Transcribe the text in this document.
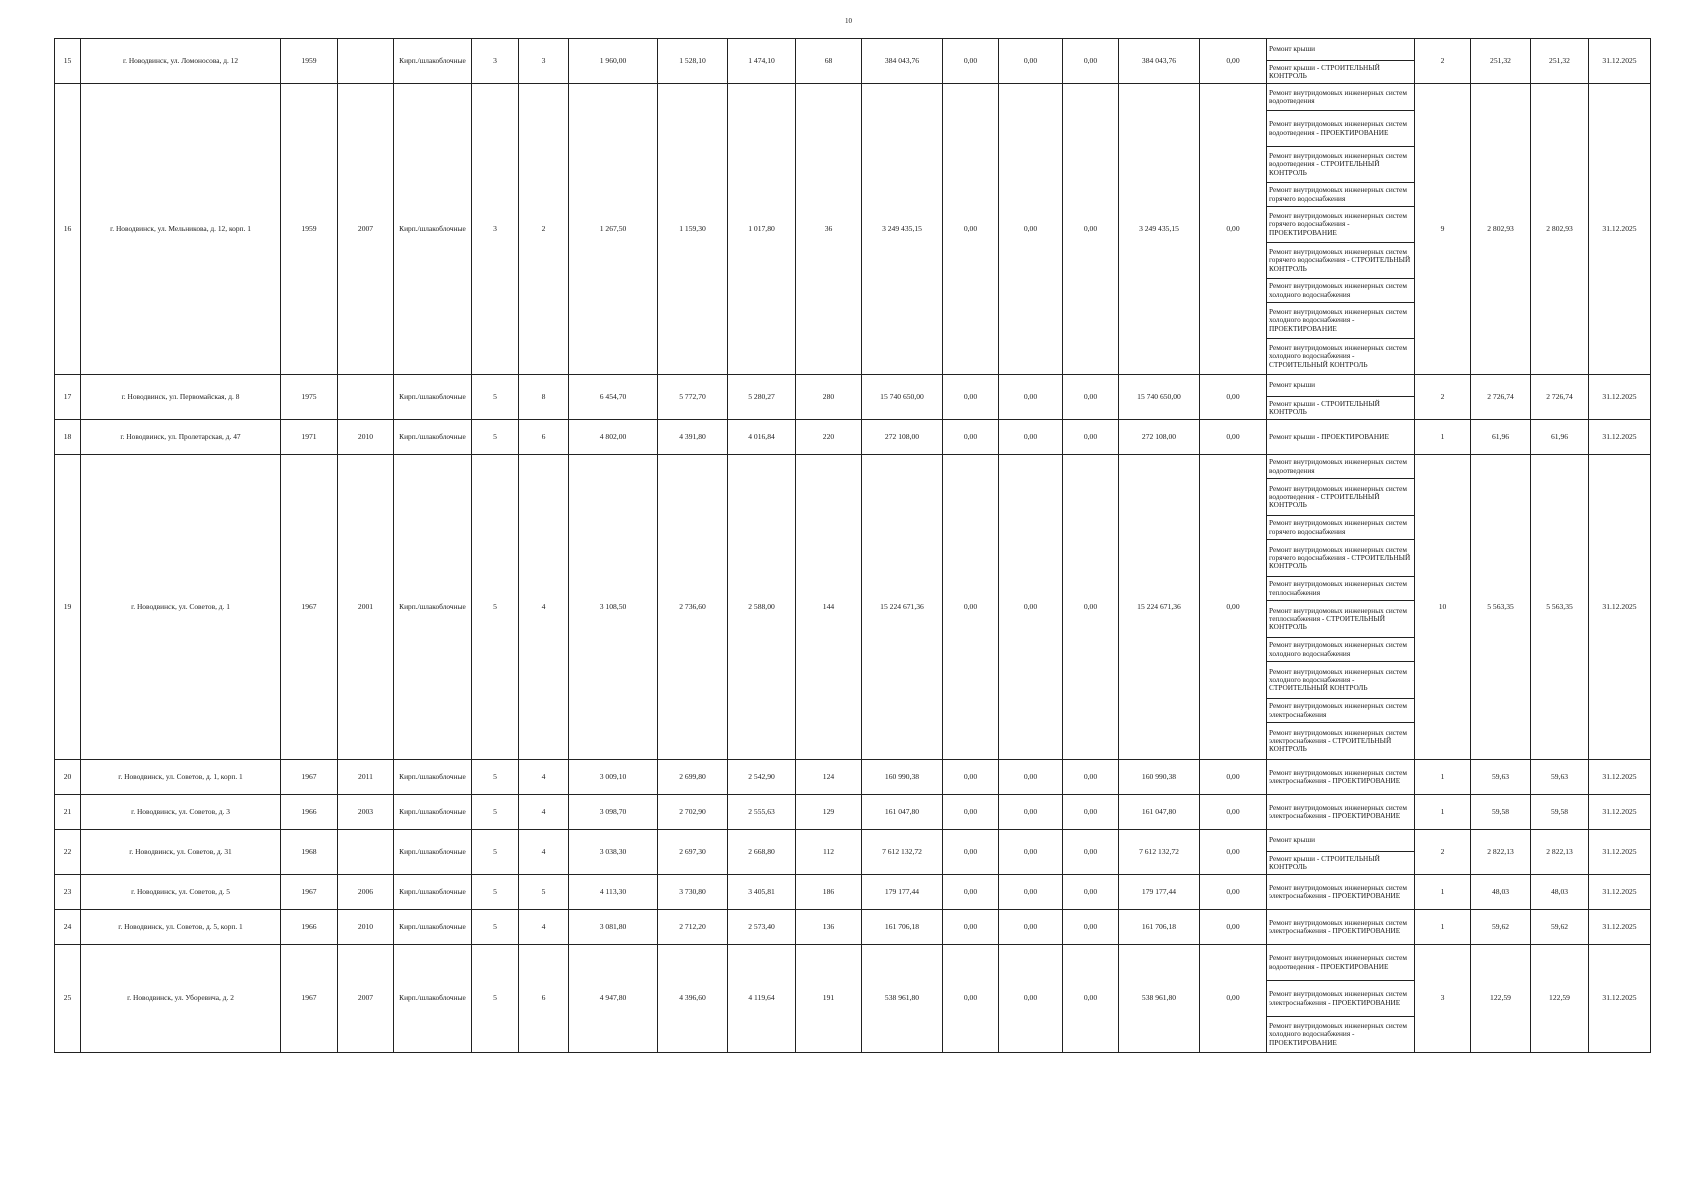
10
15	г. Новодвинск, ул. Ломоносова, д. 12	1959		Кирп./шлакоблочные	3	3	1 960,00	1 528,10	1 474,10	68	384 043,76	0,00	0,00	0,00	384 043,76	0,00	Ремонт крыши	2	251,32	251,32	31.12.2025
																	Ремонт крыши - СТРОИТЕЛЬНЫЙ КОНТРОЛЬ				
16	г. Новодвинск, ул. Мельникова, д. 12, корп. 1	1959	2007	Кирп./шлакоблочные	3	2	1 267,50	1 159,30	1 017,80	36	3 249 435,15	0,00	0,00	0,00	3 249 435,15	0,00	Ремонт внутридомовых инженерных систем водоотведения	9	2 802,93	2 802,93	31.12.2025
																	Ремонт внутридомовых инженерных систем водоотведения - ПРОЕКТИРОВАНИЕ				
																	Ремонт внутридомовых инженерных систем водоотведения - СТРОИТЕЛЬНЫЙ КОНТРОЛЬ				
																	Ремонт внутридомовых инженерных систем горячего водоснабжения				
																	Ремонт внутридомовых инженерных систем горячего водоснабжения - ПРОЕКТИРОВАНИЕ				
																	Ремонт внутридомовых инженерных систем горячего водоснабжения - СТРОИТЕЛЬНЫЙ КОНТРОЛЬ				
																	Ремонт внутридомовых инженерных систем холодного водоснабжения				
																	Ремонт внутридомовых инженерных систем холодного водоснабжения - ПРОЕКТИРОВАНИЕ				
																	Ремонт внутридомовых инженерных систем холодного водоснабжения - СТРОИТЕЛЬНЫЙ КОНТРОЛЬ				
17	г. Новодвинск, ул. Первомайская, д. 8	1975		Кирп./шлакоблочные	5	8	6 454,70	5 772,70	5 280,27	280	15 740 650,00	0,00	0,00	0,00	15 740 650,00	0,00	Ремонт крыши	2	2 726,74	2 726,74	31.12.2025
																	Ремонт крыши - СТРОИТЕЛЬНЫЙ КОНТРОЛЬ				
18	г. Новодвинск, ул. Пролетарская, д. 47	1971	2010	Кирп./шлакоблочные	5	6	4 802,00	4 391,80	4 016,84	220	272 108,00	0,00	0,00	0,00	272 108,00	0,00	Ремонт крыши - ПРОЕКТИРОВАНИЕ	1	61,96	61,96	31.12.2025
19	г. Новодвинск, ул. Советов, д. 1	1967	2001	Кирп./шлакоблочные	5	4	3 108,50	2 736,60	2 588,00	144	15 224 671,36	0,00	0,00	0,00	15 224 671,36	0,00	Ремонт внутридомовых инженерных систем водоотведения	10	5 563,35	5 563,35	31.12.2025
																	Ремонт внутридомовых инженерных систем водоотведения - СТРОИТЕЛЬНЫЙ КОНТРОЛЬ				
																	Ремонт внутридомовых инженерных систем горячего водоснабжения				
																	Ремонт внутридомовых инженерных систем горячего водоснабжения - СТРОИТЕЛЬНЫЙ КОНТРОЛЬ				
																	Ремонт внутридомовых инженерных систем теплоснабжения				
																	Ремонт внутридомовых инженерных систем теплоснабжения - СТРОИТЕЛЬНЫЙ КОНТРОЛЬ				
																	Ремонт внутридомовых инженерных систем холодного водоснабжения				
																	Ремонт внутридомовых инженерных систем холодного водоснабжения - СТРОИТЕЛЬНЫЙ КОНТРОЛЬ				
																	Ремонт внутридомовых инженерных систем электроснабжения				
																	Ремонт внутридомовых инженерных систем электроснабжения - СТРОИТЕЛЬНЫЙ КОНТРОЛЬ				
20	г. Новодвинск, ул. Советов, д. 1, корп. 1	1967	2011	Кирп./шлакоблочные	5	4	3 009,10	2 699,80	2 542,90	124	160 990,38	0,00	0,00	0,00	160 990,38	0,00	Ремонт внутридомовых инженерных систем электроснабжения - ПРОЕКТИРОВАНИЕ	1	59,63	59,63	31.12.2025
21	г. Новодвинск, ул. Советов, д. 3	1966	2003	Кирп./шлакоблочные	5	4	3 098,70	2 702,90	2 555,63	129	161 047,80	0,00	0,00	0,00	161 047,80	0,00	Ремонт внутридомовых инженерных систем электроснабжения - ПРОЕКТИРОВАНИЕ	1	59,58	59,58	31.12.2025
22	г. Новодвинск, ул. Советов, д. 31	1968		Кирп./шлакоблочные	5	4	3 038,30	2 697,30	2 668,80	112	7 612 132,72	0,00	0,00	0,00	7 612 132,72	0,00	Ремонт крыши	2	2 822,13	2 822,13	31.12.2025
																	Ремонт крыши - СТРОИТЕЛЬНЫЙ КОНТРОЛЬ				
23	г. Новодвинск, ул. Советов, д. 5	1967	2006	Кирп./шлакоблочные	5	5	4 113,30	3 730,80	3 405,81	186	179 177,44	0,00	0,00	0,00	179 177,44	0,00	Ремонт внутридомовых инженерных систем электроснабжения - ПРОЕКТИРОВАНИЕ	1	48,03	48,03	31.12.2025
24	г. Новодвинск, ул. Советов, д. 5, корп. 1	1966	2010	Кирп./шлакоблочные	5	4	3 081,80	2 712,20	2 573,40	136	161 706,18	0,00	0,00	0,00	161 706,18	0,00	Ремонт внутридомовых инженерных систем электроснабжения - ПРОЕКТИРОВАНИЕ	1	59,62	59,62	31.12.2025
25	г. Новодвинск, ул. Уборевича, д. 2	1967	2007	Кирп./шлакоблочные	5	6	4 947,80	4 396,60	4 119,64	191	538 961,80	0,00	0,00	0,00	538 961,80	0,00	Ремонт внутридомовых инженерных систем водоотведения - ПРОЕКТИРОВАНИЕ	3	122,59	122,59	31.12.2025
																	Ремонт внутридомовых инженерных систем электроснабжения - ПРОЕКТИРОВАНИЕ				
																	Ремонт внутридомовых инженерных систем холодного водоснабжения - ПРОЕКТИРОВАНИЕ				
